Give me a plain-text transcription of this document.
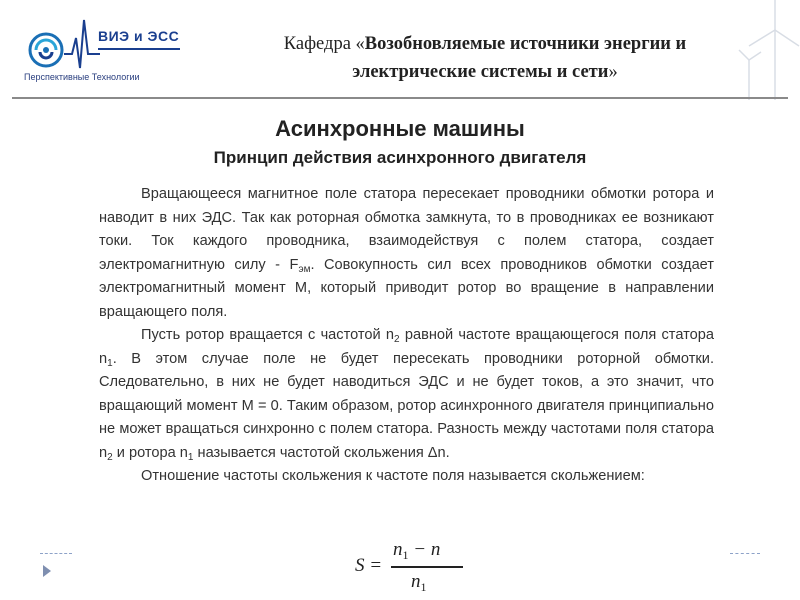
ВИЭ и ЭСС
Перспективные Технологии
Кафедра «Возобновляемые источники энергии и
электрические системы и сети»
Асинхронные машины
Принцип действия асинхронного двигателя

Вращающееся магнитное поле статора пересекает проводники обмотки ротора и наводит в них ЭДС. Так как роторная обмотка замкнута, то в проводниках ее возникают токи. Ток каждого проводника, взаимодействуя с полем статора, создает электромагнитную силу - $F_{эм}$. Совокупность сил всех проводников обмотки создает электромагнитный момент М, который приводит ротор во вращение в направлении вращающего поля.

Пусть ротор вращается с частотой $n_2$ равной частоте вращающегося поля статора $n_1$. В этом случае поле не будет пересекать проводники роторной обмотки. Следовательно, в них не будет наводиться ЭДС и не будет токов, а это значит, что вращающий момент М = 0. Таким образом, ротор асинхронного двигателя принципиально не может вращаться синхронно с полем статора. Разность между частотами поля статора $n_2$ и ротора $n_1$ называется частотой скольжения Δn.

Отношение частоты скольжения к частоте поля называется скольжением:

S =
$n_1 - n$
$n_1$
